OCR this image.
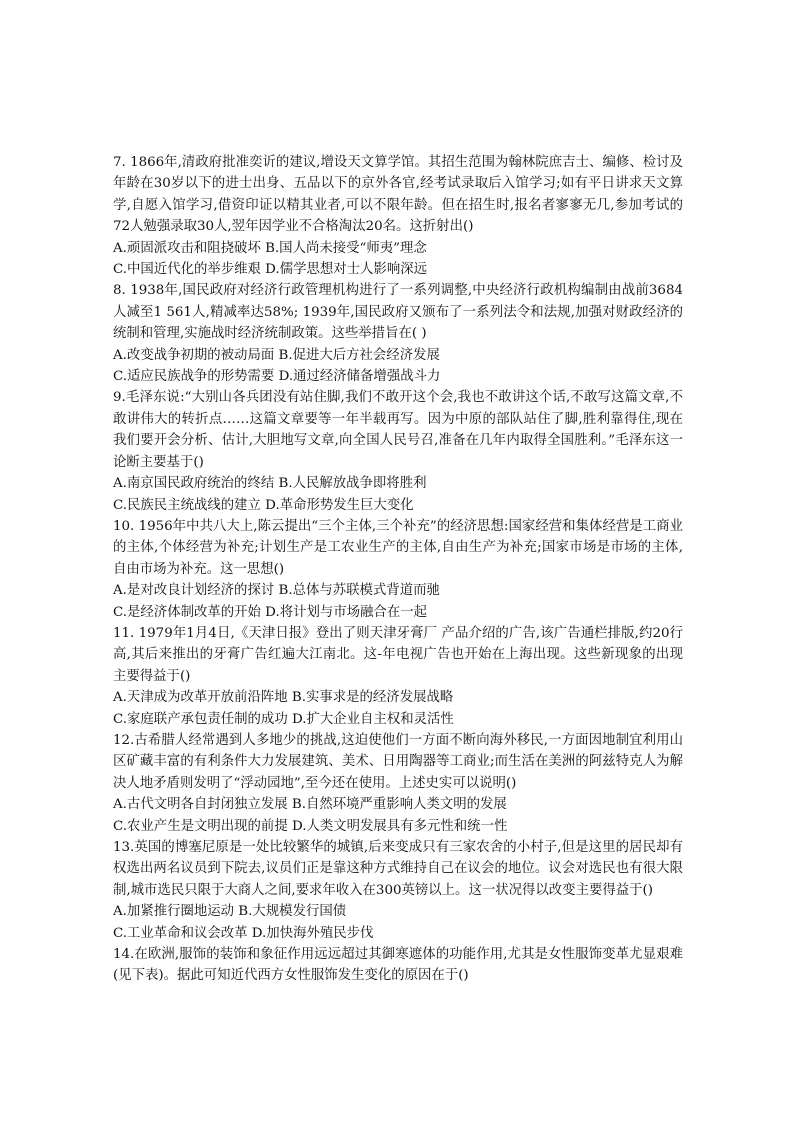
7. 1866年,清政府批准奕䜣的建议,增设天文算学馆。其招生范围为翰林院庶吉士、编修、检讨及年龄在30岁以下的进士出身、五品以下的京外各官,经考试录取后入馆学习;如有平日讲求天文算学,自愿入馆学习,借资印证以精其业者,可以不限年龄。但在招生时,报名者寥寥无几,参加考试的72人勉强录取30人,翌年因学业不合格淘汰20名。这折射出()

A.顽固派攻击和阻挠破坏 B.国人尚未接受“师夷”理念

C.中国近代化的举步维艰 D.儒学思想对士人影响深远

8. 1938年,国民政府对经济行政管理机构进行了一系列调整,中央经济行政机构编制由战前3684人减至1 561人,精减率达58%; 1939年,国民政府又颁布了一系列法令和法规,加强对财政经济的统制和管理,实施战时经济统制政策。这些举措旨在( )

A.改变战争初期的被动局面 B.促进大后方社会经济发展

C.适应民族战争的形势需要 D.通过经济储备增强战斗力

9.毛泽东说:“大别山各兵团没有站住脚,我们不敢开这个会,我也不敢讲这个话,不敢写这篇文章,不敢讲伟大的转折点……这篇文章要等一年半载再写。因为中原的部队站住了脚,胜利靠得住,现在我们要开会分析、估计,大胆地写文章,向全国人民号召,准备在几年内取得全国胜利。”毛泽东这一论断主要基于()

A.南京国民政府统治的终结 B.人民解放战争即将胜利

C.民族民主统战线的建立 D.革命形势发生巨大变化

10. 1956年中共八大上,陈云提出“三个主体,三个补充”的经济思想:国家经营和集体经营是工商业的主体,个体经营为补充;计划生产是工农业生产的主体,自由生产为补充;国家市场是市场的主体,自由市场为补充。这一思想()

A.是对改良计划经济的探讨 B.总体与苏联模式背道而驰

C.是经济体制改革的开始 D.将计划与市场融合在一起

11. 1979年1月4日,《天津日报》登出了则天津牙膏厂 产品介绍的广告,该广告通栏排版,约20行高,其后来推出的牙膏广告红遍大江南北。这-年电视广告也开始在上海出现。这些新现象的出现主要得益于()

A.天津成为改革开放前沿阵地 B.实事求是的经济发展战略

C.家庭联产承包责任制的成功 D.扩大企业自主权和灵活性

12.古希腊人经常遇到人多地少的挑战,这迫使他们一方面不断向海外移民,一方面因地制宜利用山区矿藏丰富的有利条件大力发展建筑、美术、日用陶器等工商业;而生活在美洲的阿兹特克人为解决人地矛盾则发明了“浮动园地”,至今还在使用。上述史实可以说明()

A.古代文明各自封闭独立发展 B.自然环境严重影响人类文明的发展

C.农业产生是文明出现的前提 D.人类文明发展具有多元性和统一性

13.英国的博塞尼原是一处比较繁华的城镇,后来变成只有三家农舍的小村子,但是这里的居民却有权选出两名议员到下院去,议员们正是靠这种方式维持自己在议会的地位。议会对选民也有很大限制,城市选民只限于大商人之间,要求年收入在300英镑以上。这一状况得以改变主要得益于()

A.加紧推行圈地运动 B.大规模发行国债

C.工业革命和议会改革 D.加快海外殖民步伐

14.在欧洲,服饰的装饰和象征作用远远超过其御寒遮体的功能作用,尤其是女性服饰变革尤显艰难(见下表)。据此可知近代西方女性服饰发生变化的原因在于()
